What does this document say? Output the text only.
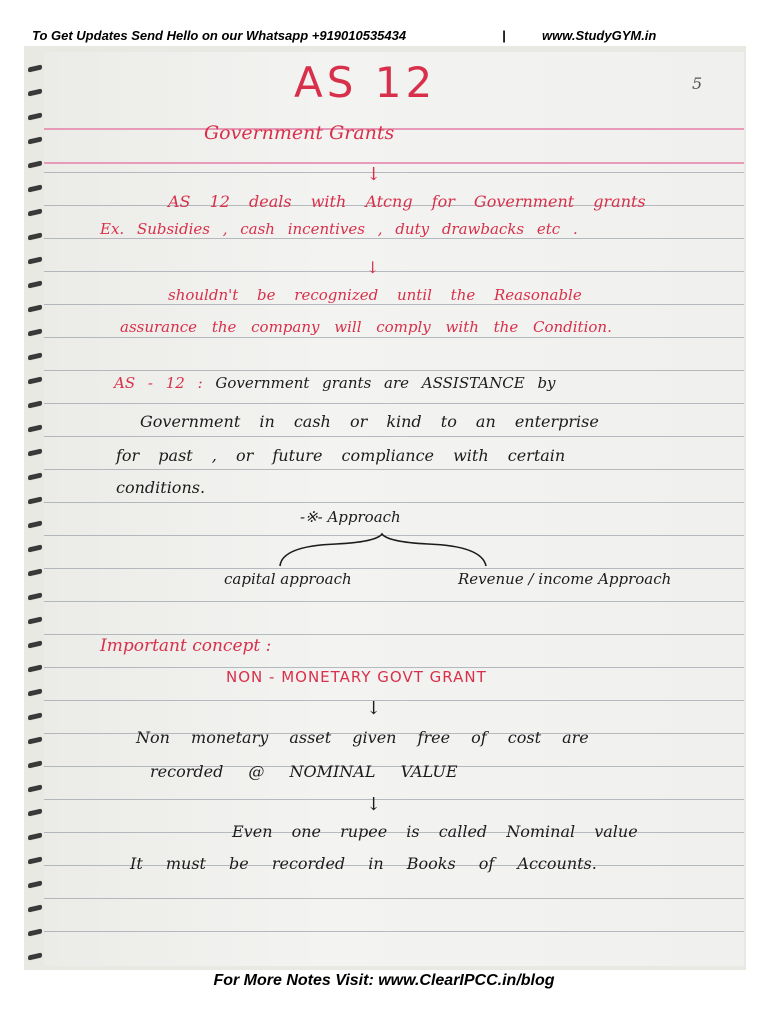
To Get Updates Send Hello on our Whatsapp +919010535434	|	www.StudyGYM.in
5
AS 12
Government Grants
↓
AS 12 deals with Atcng for Government grants
Ex. Subsidies , cash incentives , duty drawbacks etc .
↓
shouldn't be recognized until the Reasonable
assurance the company will comply with the Condition.
AS - 12 : Government grants are ASSISTANCE by
Government in cash or kind to an enterprise
for past , or future compliance with certain
conditions.
-※- Approach
capital approach	Revenue / income Approach
Important concept :
NON - MONETARY GOVT GRANT
↓
Non monetary asset given free of cost are
recorded @ NOMINAL VALUE
↓
Even one rupee is called Nominal value
It must be recorded in Books of Accounts.
For More Notes Visit: www.ClearIPCC.in/blog
